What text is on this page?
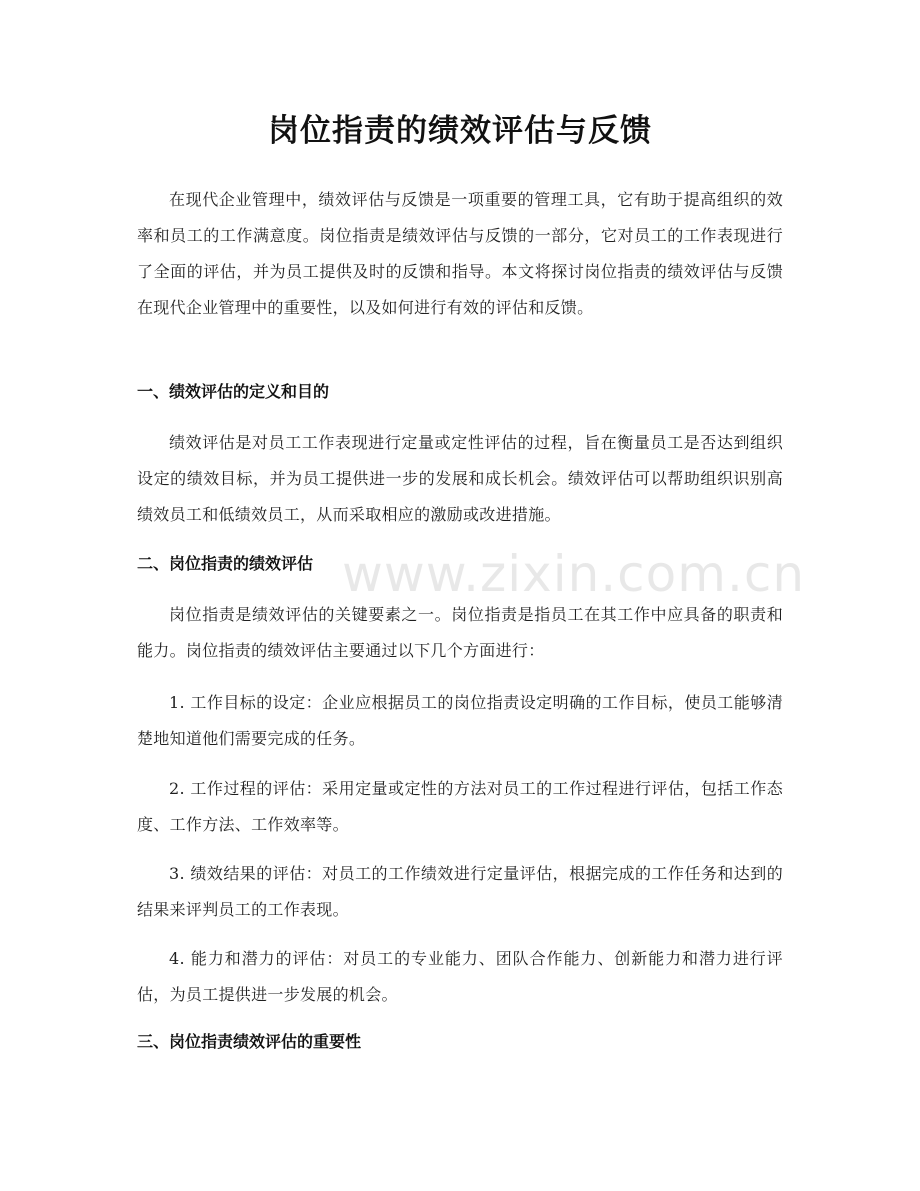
www.zixin.com.cn
岗位指责的绩效评估与反馈

在现代企业管理中，绩效评估与反馈是一项重要的管理工具，它有助于提高组织的效率和员工的工作满意度。岗位指责是绩效评估与反馈的一部分，它对员工的工作表现进行了全面的评估，并为员工提供及时的反馈和指导。本文将探讨岗位指责的绩效评估与反馈在现代企业管理中的重要性，以及如何进行有效的评估和反馈。

一、绩效评估的定义和目的

绩效评估是对员工工作表现进行定量或定性评估的过程，旨在衡量员工是否达到组织设定的绩效目标，并为员工提供进一步的发展和成长机会。绩效评估可以帮助组织识别高绩效员工和低绩效员工，从而采取相应的激励或改进措施。

二、岗位指责的绩效评估

岗位指责是绩效评估的关键要素之一。岗位指责是指员工在其工作中应具备的职责和能力。岗位指责的绩效评估主要通过以下几个方面进行：

1. 工作目标的设定：企业应根据员工的岗位指责设定明确的工作目标，使员工能够清楚地知道他们需要完成的任务。

2. 工作过程的评估：采用定量或定性的方法对员工的工作过程进行评估，包括工作态度、工作方法、工作效率等。

3. 绩效结果的评估：对员工的工作绩效进行定量评估，根据完成的工作任务和达到的结果来评判员工的工作表现。

4. 能力和潜力的评估：对员工的专业能力、团队合作能力、创新能力和潜力进行评估，为员工提供进一步发展的机会。

三、岗位指责绩效评估的重要性
